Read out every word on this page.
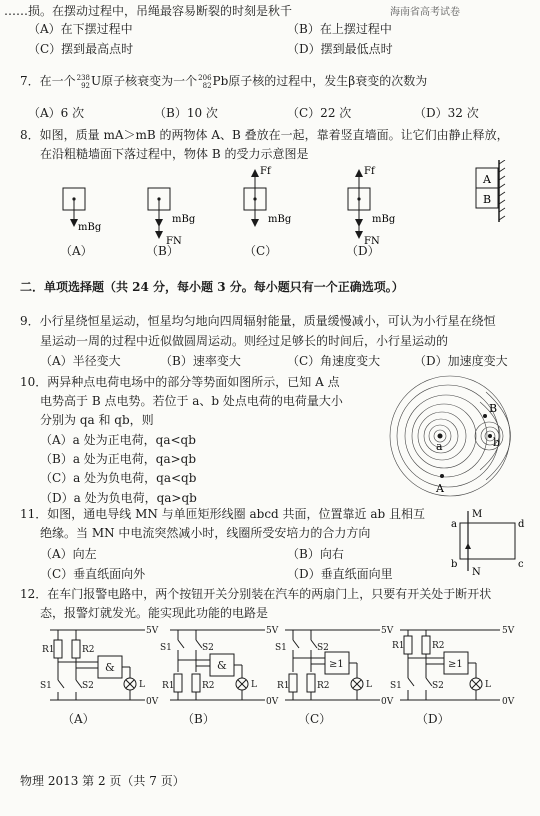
……损。在摆动过程中，吊绳最容易断裂的时刻是秋千	海南省高考试卷
（A）在下摆过程中	（B）在上摆过程中
（C）摆到最高点时	（D）摆到最低点时
7．在一个238
92U原子核衰变为一个206
82Pb原子核的过程中，发生β衰变的次数为
（A）6 次	（B）10 次	（C）22 次	（D）32 次
8．如图，质量 mA＞mB 的两物体 A、B 叠放在一起，靠着竖直墙面。让它们由静止释放，
在沿粗糙墙面下落过程中，物体 B 的受力示意图是
mBg
mBg
FN
Ff
mBg
Ff
mBg
FN
A
B
（A）	（B）	（C）	（D）
二．单项选择题（共 24 分，每小题 3 分。每小题只有一个正确选项。）
9．小行星绕恒星运动，恒星均匀地向四周辐射能量，质量缓慢减小，可认为小行星在绕恒
星运动一周的过程中近似做圆周运动。则经过足够长的时间后，小行星运动的
（A）半径变大	（B）速率变大	（C）角速度变大	（D）加速度变大
10．两异种点电荷电场中的部分等势面如图所示，已知 A 点
电势高于 B 点电势。若位于 a、b 处点电荷的电荷量大小
分别为 qa 和 qb，则
（A）a 处为正电荷，qa<qb
（B）a 处为正电荷，qa>qb
（C）a 处为负电荷，qa<qb
（D）a 处为负电荷，qa>qb
a	b
B
A
11．如图，通电导线 MN 与单匝矩形线圈 abcd 共面，位置靠近 ab 且相互
绝缘。当 MN 中电流突然减小时，线圈所受安培力的合力方向
（A）向左	（B）向右
（C）垂直纸面向外	（D）垂直纸面向里
M
N
a
b	c
d
12．在车门报警电路中，两个按钮开关分别装在汽车的两扇门上，只要有开关处于断开状
态，报警灯就发光。能实现此功能的电路是
5V
0V
R1	R2
S1	S2
&
L
5V
0V
S1	S2
R1	R2
&
L
5V
0V
S1	S2
R1	R2
≥1
L
5V
0V
R1	R2
S1	S2
≥1
L
（A）	（B）	（C）	（D）
物理 2013 第 2 页（共 7 页）
